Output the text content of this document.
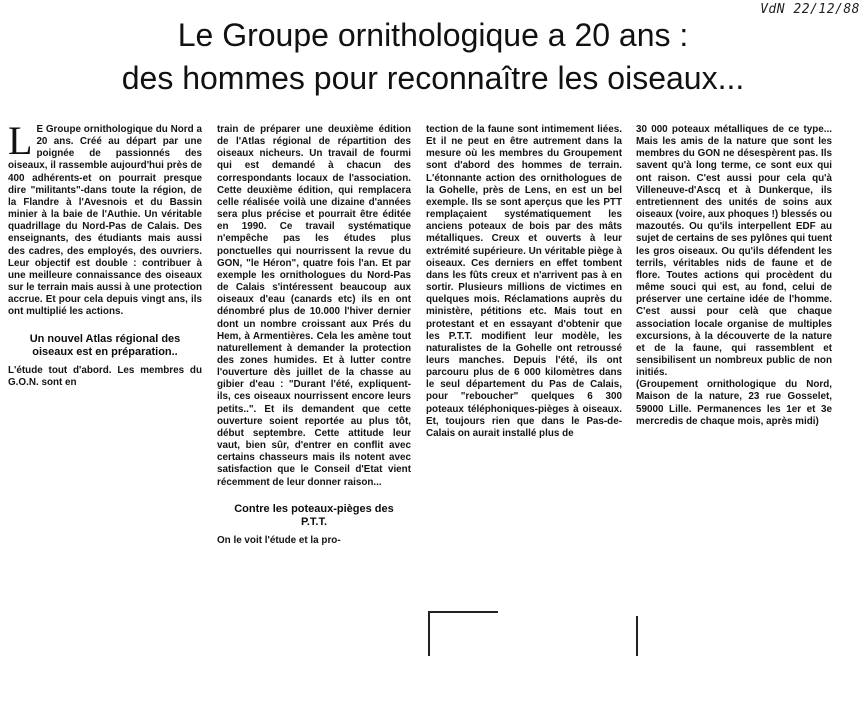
VdN 22/12/88
Le Groupe ornithologique a 20 ans :
des hommes pour reconnaître les oiseaux...
L E Groupe ornithologique du Nord a 20 ans. Créé au départ par une poignée de passionnés des oiseaux, il rassemble aujourd'hui près de 400 adhérents-et on pourrait presque dire "militants"-dans toute la région, de la Flandre à l'Avesnois et du Bassin minier à la baie de l'Authie. Un véritable quadrillage du Nord-Pas de Calais. Des enseignants, des étudiants mais aussi des cadres, des employés, des ouvriers. Leur objectif est double : contribuer à une meilleure connaissance des oiseaux sur le terrain mais aussi à une protection accrue. Et pour cela depuis vingt ans, ils ont multiplié les actions.

Un nouvel Atlas régional des oiseaux est en préparation..

L'étude tout d'abord. Les membres du G.O.N. sont en

train de préparer une deuxième édition de l'Atlas régional de répartition des oiseaux nicheurs. Un travail de fourmi qui est demandé à chacun des correspondants locaux de l'association. Cette deuxième édition, qui remplacera celle réalisée voilà une dizaine d'années sera plus précise et pourrait être éditée en 1990. Ce travail systématique n'empêche pas les études plus ponctuelles qui nourrissent la revue du GON, "le Héron", quatre fois l'an. Et par exemple les ornithologues du Nord-Pas de Calais s'intéressent beaucoup aux oiseaux d'eau (canards etc) ils en ont dénombré plus de 10.000 l'hiver dernier dont un nombre croissant aux Prés du Hem, à Armentières. Cela les amène tout naturellement à demander la protection des zones humides. Et à lutter contre l'ouverture dès juillet de la chasse au gibier d'eau : "Durant l'été, expliquent-ils, ces oiseaux nourrissent encore leurs petits..". Et ils demandent que cette ouverture soient reportée au plus tôt, début septembre. Cette attitude leur vaut, bien sûr, d'entrer en conflit avec certains chasseurs mais ils notent avec satisfaction que le Conseil d'Etat vient récemment de leur donner raison...

Contre les poteaux-pièges des P.T.T.

On le voit l'étude et la pro-

tection de la faune sont intimement liées. Et il ne peut en être autrement dans la mesure où les membres du Groupement sont d'abord des hommes de terrain. L'étonnante action des ornithologues de la Gohelle, près de Lens, en est un bel exemple. Ils se sont aperçus que les PTT remplaçaient systématiquement les anciens poteaux de bois par des mâts métalliques. Creux et ouverts à leur extrémité supérieure. Un véritable piège à oiseaux. Ces derniers en effet tombent dans les fûts creux et n'arrivent pas à en sortir. Plusieurs millions de victimes en quelques mois. Réclamations auprès du ministère, pétitions etc. Mais tout en protestant et en essayant d'obtenir que les P.T.T. modifient leur modèle, les naturalistes de la Gohelle ont retroussé leurs manches. Depuis l'été, ils ont parcouru plus de 6 000 kilomètres dans le seul département du Pas de Calais, pour "reboucher" quelques 6 300 poteaux téléphoniques-pièges à oiseaux. Et, toujours rien que dans le Pas-de-Calais on aurait installé plus de

30 000 poteaux métalliques de ce type... Mais les amis de la nature que sont les membres du GON ne désespèrent pas. Ils savent qu'à long terme, ce sont eux qui ont raison. C'est aussi pour cela qu'à Villeneuve-d'Ascq et à Dunkerque, ils entretiennent des unités de soins aux oiseaux (voire, aux phoques !) blessés ou mazoutés. Ou qu'ils interpellent EDF au sujet de certains de ses pylônes qui tuent les gros oiseaux. Ou qu'ils défendent les terrils, véritables nids de faune et de flore. Toutes actions qui procèdent du même souci qui est, au fond, celui de préserver une certaine idée de l'homme. C'est aussi pour celà que chaque association locale organise de multiples excursions, à la découverte de la nature et de la faune, qui rassemblent et sensibilisent un nombreux public de non initiés.

(Groupement ornithologique du Nord, Maison de la nature, 23 rue Gosselet, 59000 Lille. Permanences les 1er et 3e mercredis de chaque mois, après midi)
